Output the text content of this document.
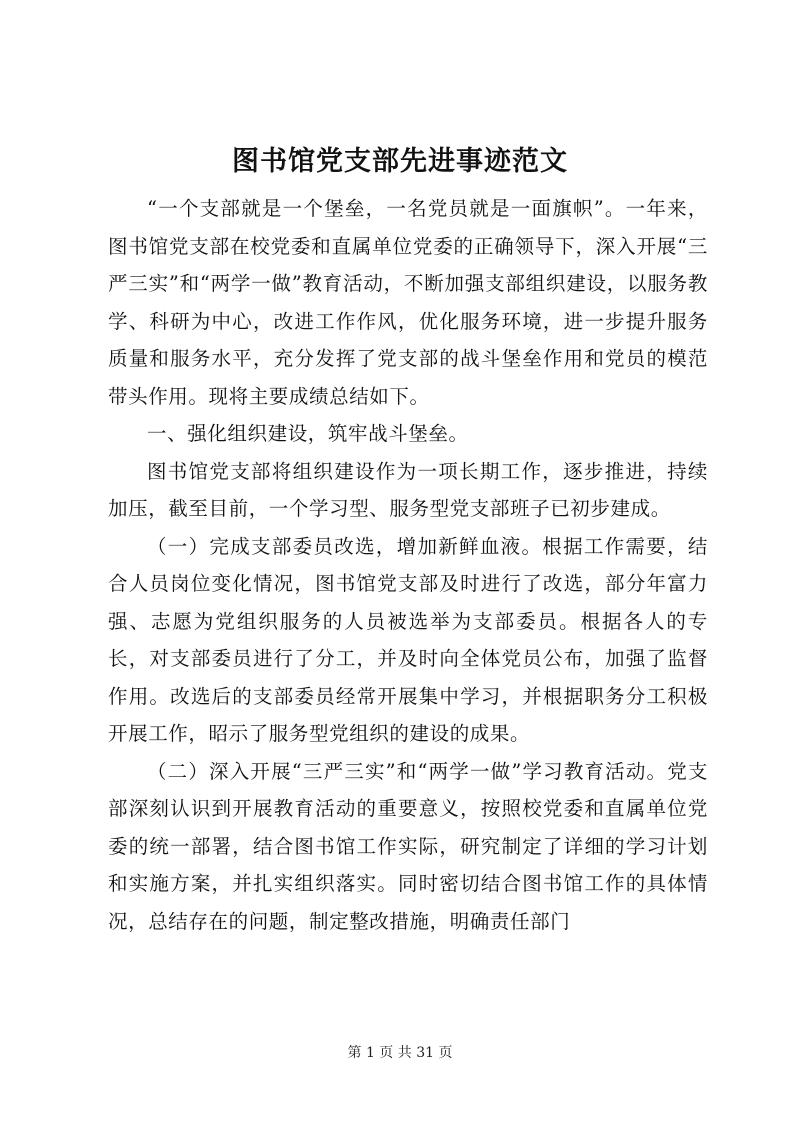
图书馆党支部先进事迹范文

“一个支部就是一个堡垒，一名党员就是一面旗帜”。一年来，图书馆党支部在校党委和直属单位党委的正确领导下，深入开展“三严三实”和“两学一做”教育活动，不断加强支部组织建设，以服务教学、科研为中心，改进工作作风，优化服务环境，进一步提升服务质量和服务水平，充分发挥了党支部的战斗堡垒作用和党员的模范带头作用。现将主要成绩总结如下。

一、强化组织建设，筑牢战斗堡垒。

图书馆党支部将组织建设作为一项长期工作，逐步推进，持续加压，截至目前，一个学习型、服务型党支部班子已初步建成。

（一）完成支部委员改选，增加新鲜血液。根据工作需要，结合人员岗位变化情况，图书馆党支部及时进行了改选，部分年富力强、志愿为党组织服务的人员被选举为支部委员。根据各人的专长，对支部委员进行了分工，并及时向全体党员公布，加强了监督作用。改选后的支部委员经常开展集中学习，并根据职务分工积极开展工作，昭示了服务型党组织的建设的成果。

（二）深入开展“三严三实”和“两学一做”学习教育活动。党支部深刻认识到开展教育活动的重要意义，按照校党委和直属单位党委的统一部署，结合图书馆工作实际，研究制定了详细的学习计划和实施方案，并扎实组织落实。同时密切结合图书馆工作的具体情况，总结存在的问题，制定整改措施，明确责任部门

第 1 页 共 31 页
